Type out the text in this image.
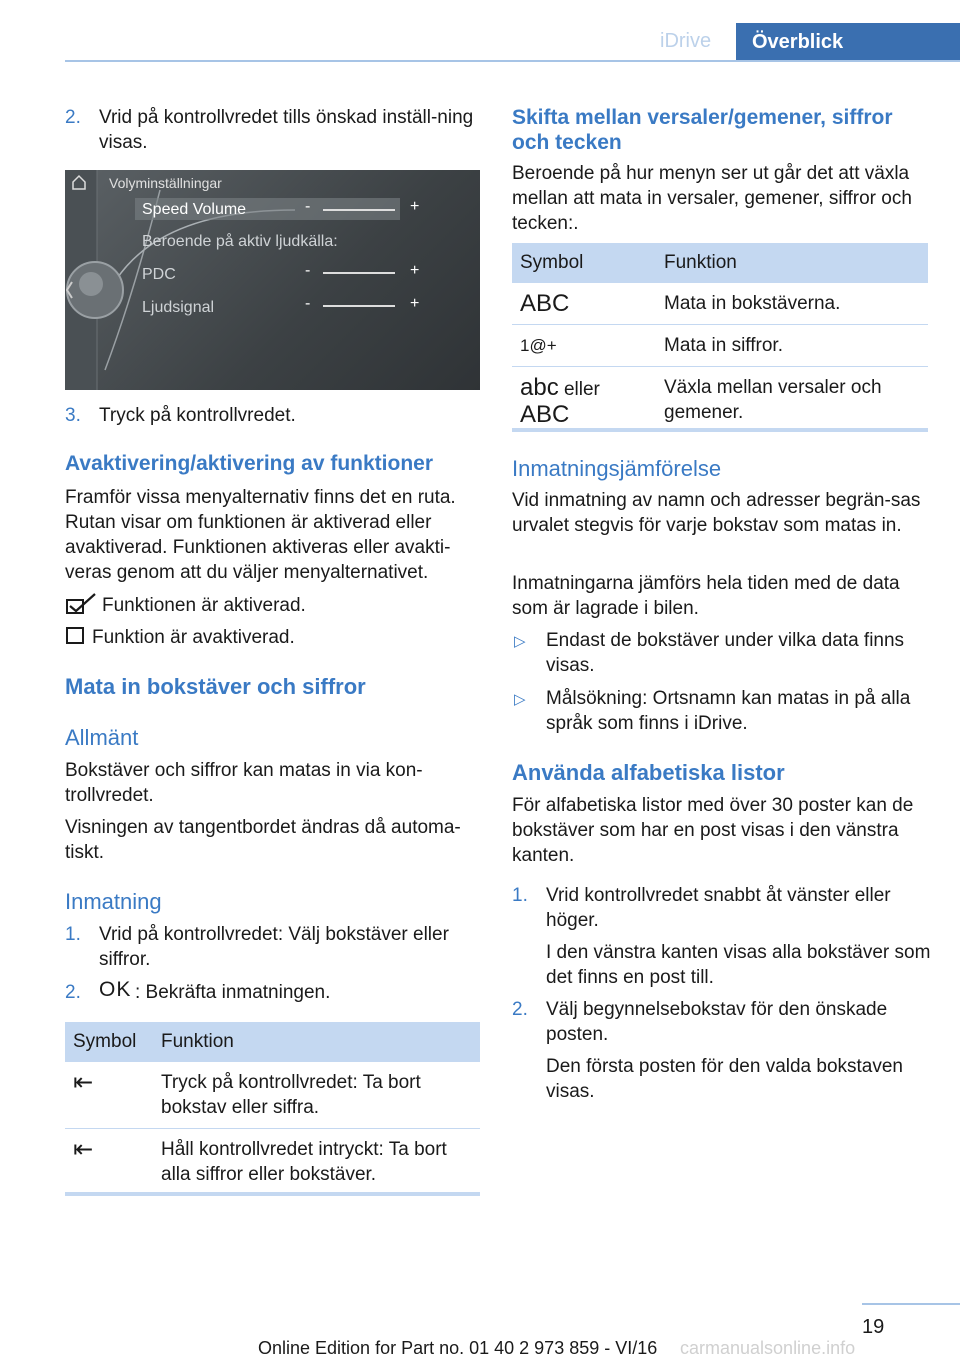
iDrive	Överblick
2. Vrid på kontrollvredet tills önskad inställ-ning visas.

Volyminställningar
Speed Volume	-	+
Beroende på aktiv ljudkälla:
PDC	-	+
Ljudsignal	-	+
3. Tryck på kontrollvredet.

Avaktivering/aktivering av funktioner

Framför vissa menyalternativ finns det en ruta. Rutan visar om funktionen är aktiverad eller avaktiverad. Funktionen aktiveras eller avakti-veras genom att du väljer menyalternativet.

Funktionen är aktiverad.

Funktion är avaktiverad.

Mata in bokstäver och siffror
Allmänt

Bokstäver och siffror kan matas in via kon-trollvredet.

Visningen av tangentbordet ändras då automa-tiskt.

Inmatning
1. Vrid på kontrollvredet: Välj bokstäver eller siffror.

2. OK : Bekräfta inmatningen.

Symbol	Funktion
⇤	Tryck på kontrollvredet: Ta bort bokstav eller siffra.
⇤	Håll kontrollvredet intryckt: Ta bort alla siffror eller bokstäver.
Skifta mellan versaler/gemener, siffror och tecken

Beroende på hur menyn ser ut går det att växla mellan att mata in versaler, gemener, siffror och tecken:.

Symbol	Funktion
ABC	Mata in bokstäverna.
1@+	Mata in siffror.
abc eller
ABC	Växla mellan versaler och gemener.
Inmatningsjämförelse

Vid inmatning av namn och adresser begrän-sas urvalet stegvis för varje bokstav som matas in.

Inmatningarna jämförs hela tiden med de data som är lagrade i bilen.

▷ Endast de bokstäver under vilka data finns visas.

▷ Målsökning: Ortsnamn kan matas in på alla språk som finns i iDrive.

Använda alfabetiska listor

För alfabetiska listor med över 30 poster kan de bokstäver som har en post visas i den vänstra kanten.

1. Vrid kontrollvredet snabbt åt vänster eller höger.

I den vänstra kanten visas alla bokstäver som det finns en post till.

2. Välj begynnelsebokstav för den önskade posten.

Den första posten för den valda bokstaven visas.

19
Online Edition for Part no. 01 40 2 973 859 - VI/16 carmanualsonline.info
